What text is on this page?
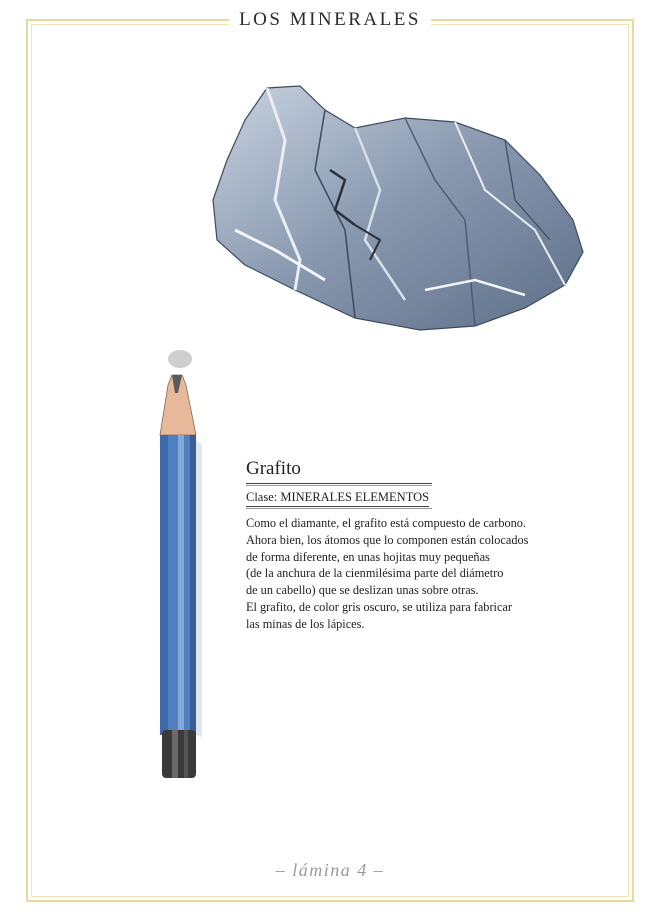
LOS MINERALES
Grafito
Clase: MINERALES ELEMENTOS
Como el diamante, el grafito está compuesto de carbono.
Ahora bien, los átomos que lo componen están colocados
de forma diferente, en unas hojitas muy pequeñas
(de la anchura de la cienmilésima parte del diámetro
de un cabello) que se deslizan unas sobre otras.
El grafito, de color gris oscuro, se utiliza para fabricar
las minas de los lápices.
– lámina 4 –
